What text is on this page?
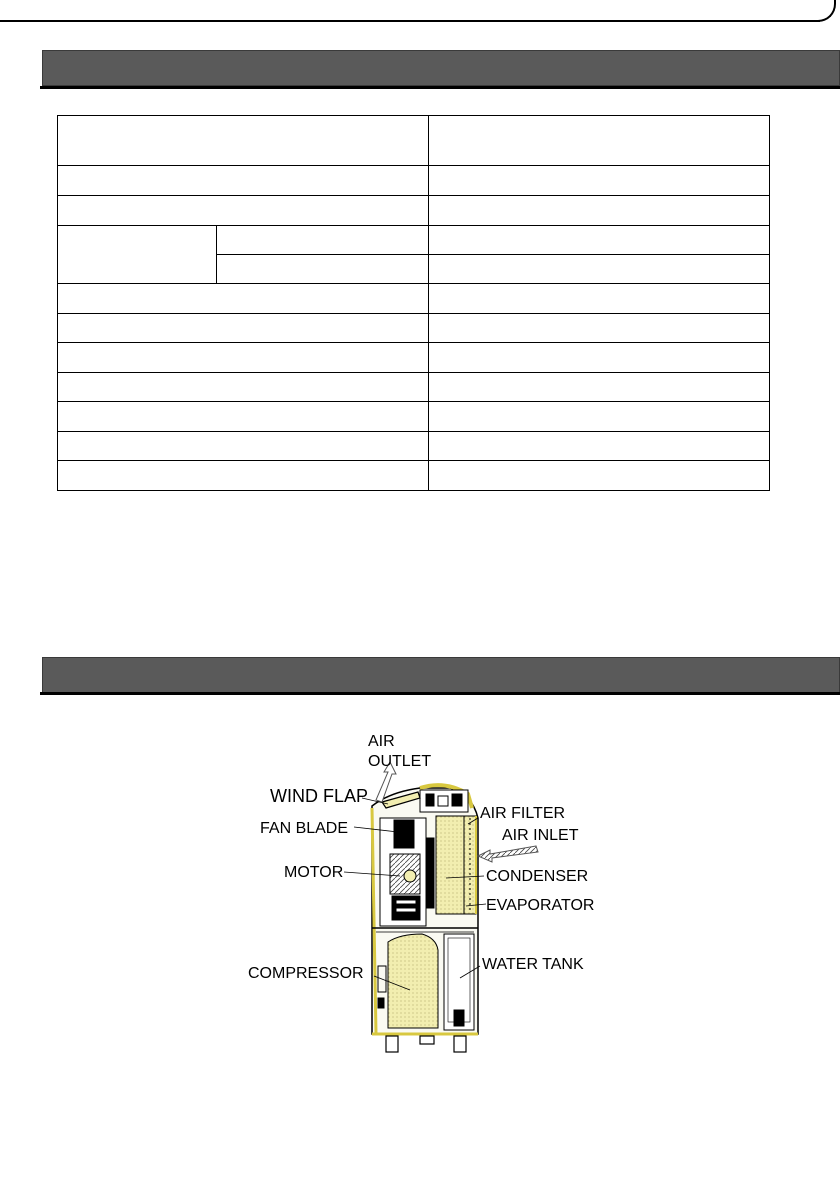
AIR
OUTLET
WIND FLAP
AIR FILTER
FAN BLADE	AIR INLET
MOTOR	CONDENSER
EVAPORATOR
COMPRESSOR
WATER TANK
